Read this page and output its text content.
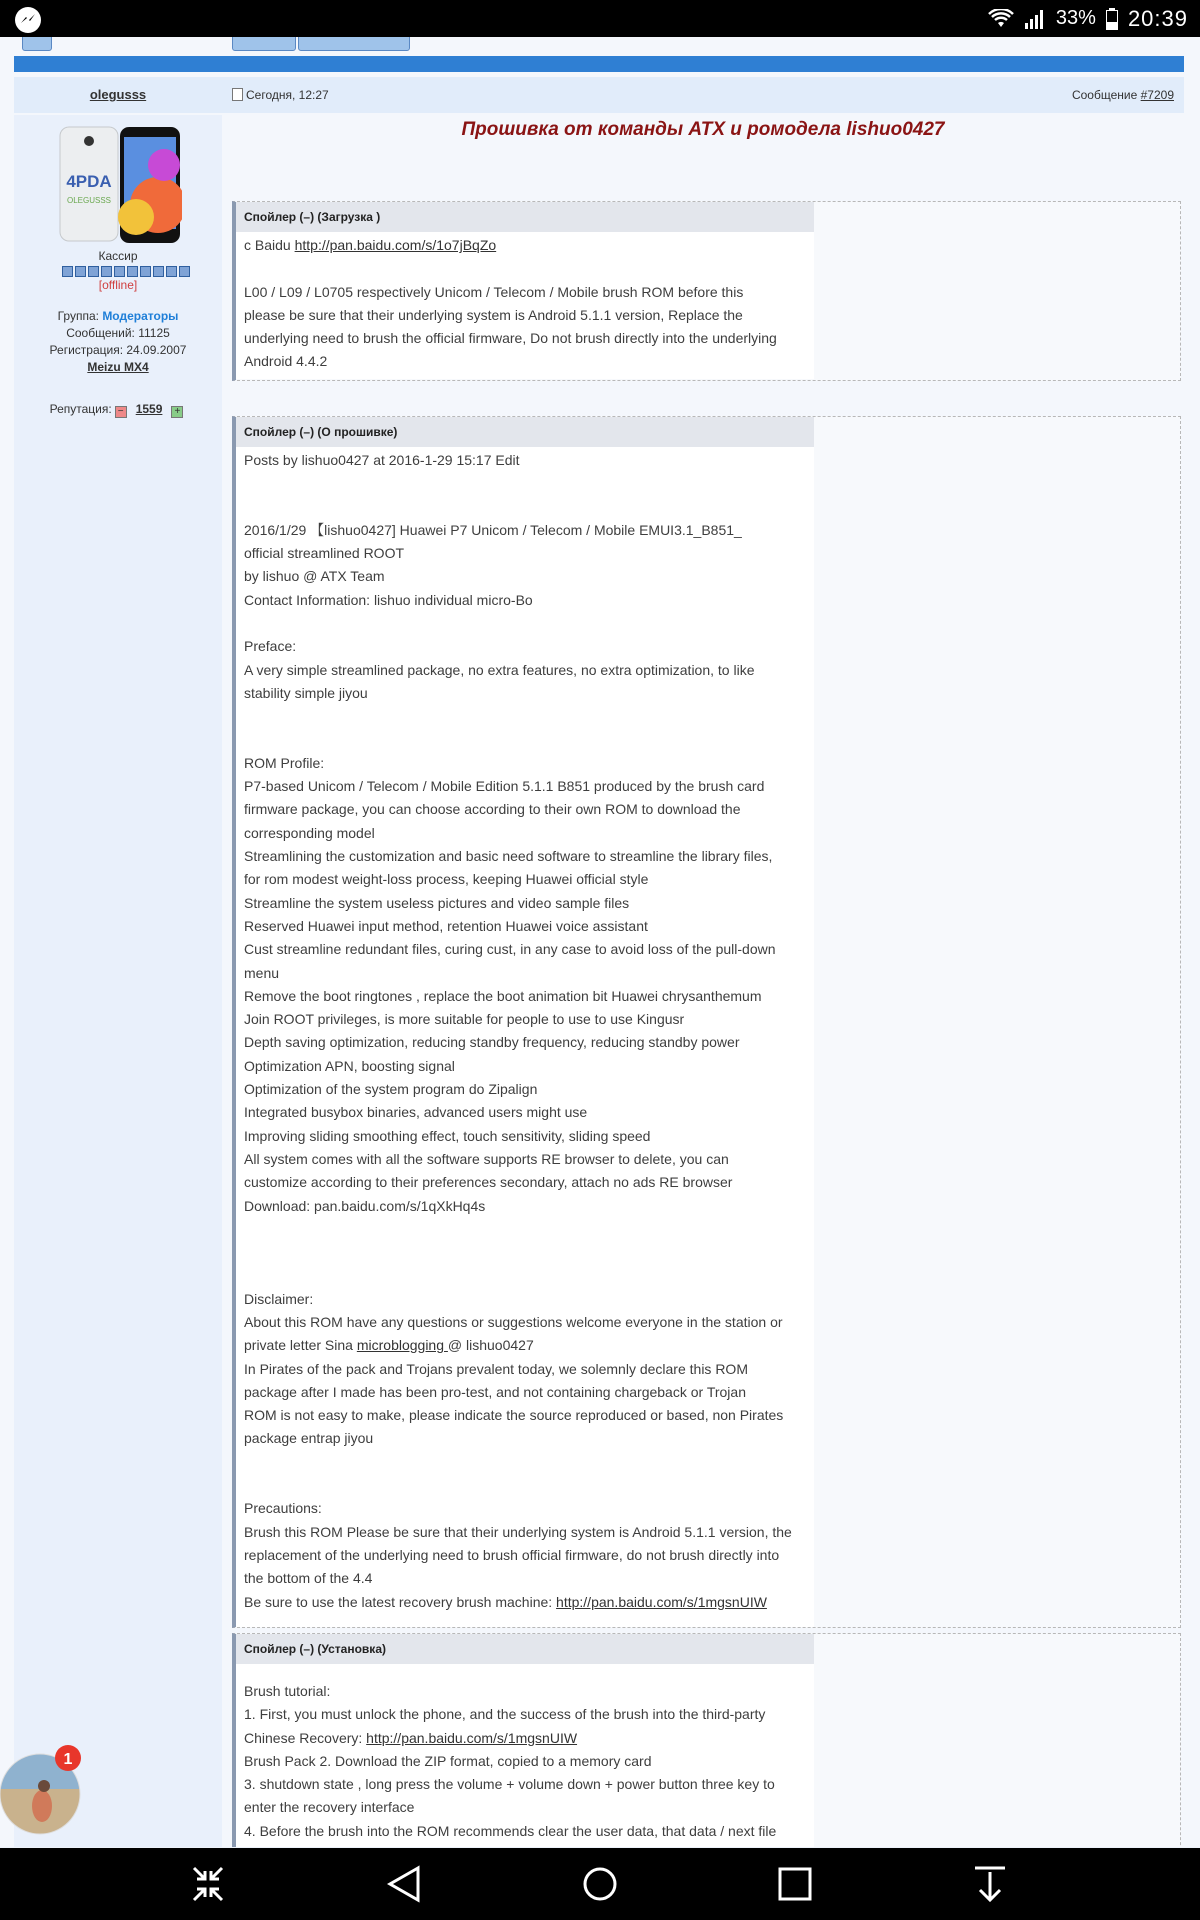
33% 20:39
olegusss	Сегодня, 12:27	Сообщение #7209
4PDA
OLEGUSSS
Кассир
[offline]
Группа: Модераторы
Сообщений: 11125
Регистрация: 24.09.2007
Meizu MX4
Репутация: − 1559 +
Прошивка от команды ATX и ромодела lishuo0427
Спойлер (–) (Загрузка )
с Baidu http://pan.baidu.com/s/1o7jBqZo
L00 / L09 / L0705 respectively Unicom / Telecom / Mobile brush ROM before this
please be sure that their underlying system is Android 5.1.1 version, Replace the
underlying need to brush the official firmware, Do not brush directly into the underlying
Android 4.4.2
Спойлер (–) (О прошивке)
Posts by lishuo0427 at 2016-1-29 15:17 Edit
2016/1/29 【lishuo0427] Huawei P7 Unicom / Telecom / Mobile EMUI3.1_B851_
official streamlined ROOT
by lishuo @ ATX Team
Contact Information: lishuo individual micro-Bo
Preface:
A very simple streamlined package, no extra features, no extra optimization, to like
stability simple jiyou
ROM Profile:
P7-based Unicom / Telecom / Mobile Edition 5.1.1 B851 produced by the brush card
firmware package, you can choose according to their own ROM to download the
corresponding model
Streamlining the customization and basic need software to streamline the library files,
for rom modest weight-loss process, keeping Huawei official style
Streamline the system useless pictures and video sample files
Reserved Huawei input method, retention Huawei voice assistant
Cust streamline redundant files, curing cust, in any case to avoid loss of the pull-down
menu
Remove the boot ringtones , replace the boot animation bit Huawei chrysanthemum
Join ROOT privileges, is more suitable for people to use to use Kingusr
Depth saving optimization, reducing standby frequency, reducing standby power
Optimization APN, boosting signal
Optimization of the system program do Zipalign
Integrated busybox binaries, advanced users might use
Improving sliding smoothing effect, touch sensitivity, sliding speed
All system comes with all the software supports RE browser to delete, you can
customize according to their preferences secondary, attach no ads RE browser
Download: pan.baidu.com/s/1qXkHq4s
Disclaimer:
About this ROM have any questions or suggestions welcome everyone in the station or
private letter Sina microblogging @ lishuo0427
In Pirates of the pack and Trojans prevalent today, we solemnly declare this ROM
package after I made has been pro-test, and not containing chargeback or Trojan
ROM is not easy to make, please indicate the source reproduced or based, non Pirates
package entrap jiyou
Precautions:
Brush this ROM Please be sure that their underlying system is Android 5.1.1 version, the
replacement of the underlying need to brush official firmware, do not brush directly into
the bottom of the 4.4
Be sure to use the latest recovery brush machine: http://pan.baidu.com/s/1mgsnUIW
Спойлер (–) (Установка)
Brush tutorial:
1. First, you must unlock the phone, and the success of the brush into the third-party
Chinese Recovery: http://pan.baidu.com/s/1mgsnUIW
Brush Pack 2. Download the ZIP format, copied to a memory card
3. shutdown state , long press the volume + volume down + power button three key to
enter the recovery interface
4. Before the brush into the ROM recommends clear the user data, that data / next file
1
